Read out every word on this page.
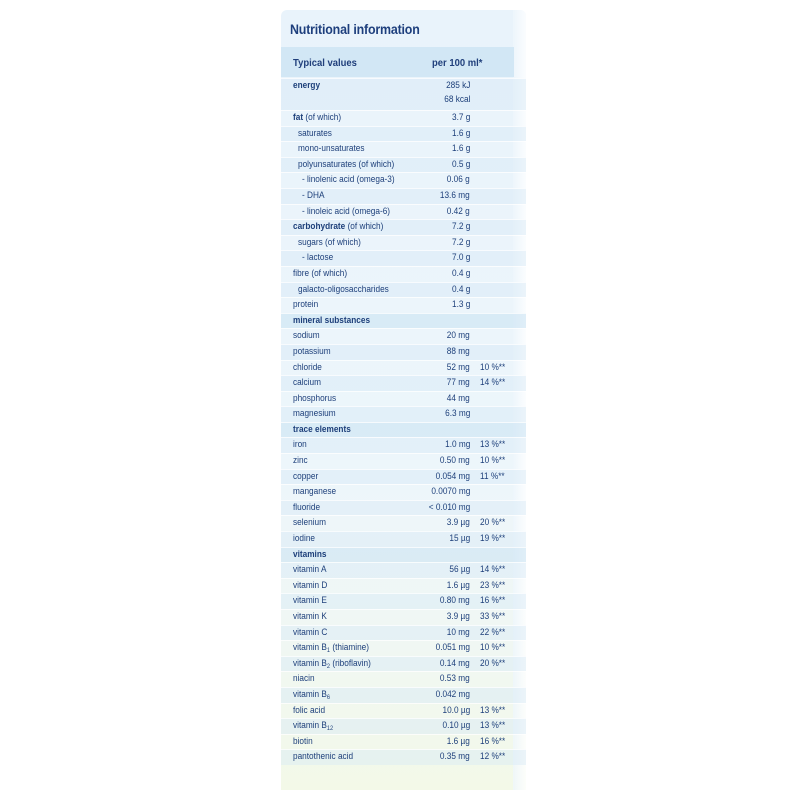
Nutritional information
Typical values	per 100 ml*
energy	285 kJ
68 kcal
fat (of which)	3.7 g
saturates	1.6 g
mono-unsaturates	1.6 g
polyunsaturates (of which)	0.5 g
- linolenic acid (omega-3)	0.06 g
- DHA	13.6 mg
- linoleic acid (omega-6)	0.42 g
carbohydrate (of which)	7.2 g
sugars (of which)	7.2 g
- lactose	7.0 g
fibre (of which)	0.4 g
galacto-oligosaccharides	0.4 g
protein	1.3 g
mineral substances
sodium	20 mg
potassium	88 mg
chloride	52 mg 10 %**
calcium	77 mg 14 %**
phosphorus	44 mg
magnesium	6.3 mg
trace elements
iron	1.0 mg 13 %**
zinc	0.50 mg 10 %**
copper	0.054 mg 11 %**
manganese	0.0070 mg
fluoride	< 0.010 mg
selenium	3.9 µg 20 %**
iodine	15 µg 19 %**
vitamins
vitamin A	56 µg 14 %**
vitamin D	1.6 µg 23 %**
vitamin E	0.80 mg 16 %**
vitamin K	3.9 µg 33 %**
vitamin C	10 mg 22 %**
vitamin $B_1$ (thiamine)	0.051 mg 10 %**
vitamin $B_2$ (riboflavin)	0.14 mg 20 %**
niacin	0.53 mg
vitamin $B_6$	0.042 mg
folic acid	10.0 µg 13 %**
vitamin $B_{12}$	0.10 µg 13 %**
biotin	1.6 µg 16 %**
pantothenic acid	0.35 mg 12 %**
